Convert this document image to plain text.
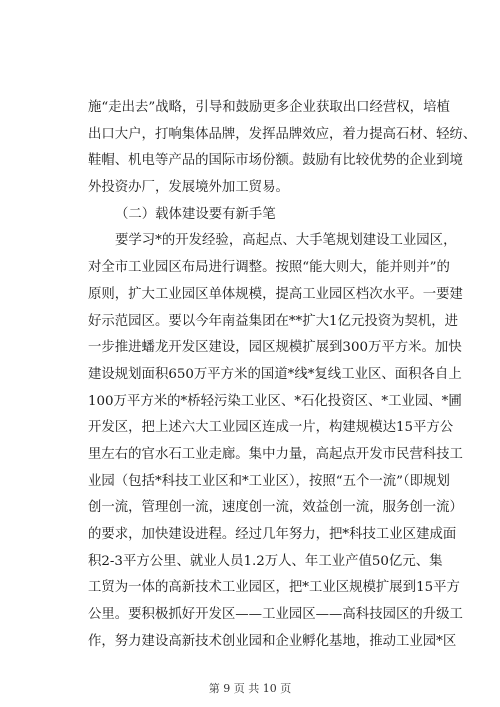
施“走出去”战略，引导和鼓励更多企业获取出口经营权，培植
出口大户，打响集体品牌，发挥品牌效应，着力提高石材、轻纺、
鞋帽、机电等产品的国际市场份额。鼓励有比较优势的企业到境
外投资办厂，发展境外加工贸易。
（二）载体建设要有新手笔
要学习*的开发经验，高起点、大手笔规划建设工业园区，
对全市工业园区布局进行调整。按照“能大则大，能并则并”的
原则，扩大工业园区单体规模，提高工业园区档次水平。一要建
好示范园区。要以今年南益集团在**扩大1亿元投资为契机，进
一步推进蟠龙开发区建设，园区规模扩展到300万平方米。加快
建设规划面积650万平方米的国道*线*复线工业区、面积各自上
100万平方米的*桥轻污染工业区、*石化投资区、*工业园、*圃
开发区，把上述六大工业园区连成一片，构建规模达15平方公
里左右的官水石工业走廊。集中力量，高起点开发市民营科技工
业园（包括*科技工业区和*工业区），按照“五个一流”（即规划
创一流，管理创一流，速度创一流，效益创一流，服务创一流）
的要求，加快建设进程。经过几年努力，把*科技工业区建成面
积2-3平方公里、就业人员1.2万人、年工业产值50亿元、集
工贸为一体的高新技术工业园区，把*工业区规模扩展到15平方
公里。要积极抓好开发区——工业园区——高科技园区的升级工
作，努力建设高新技术创业园和企业孵化基地，推动工业园*区
第 9 页 共 10 页
